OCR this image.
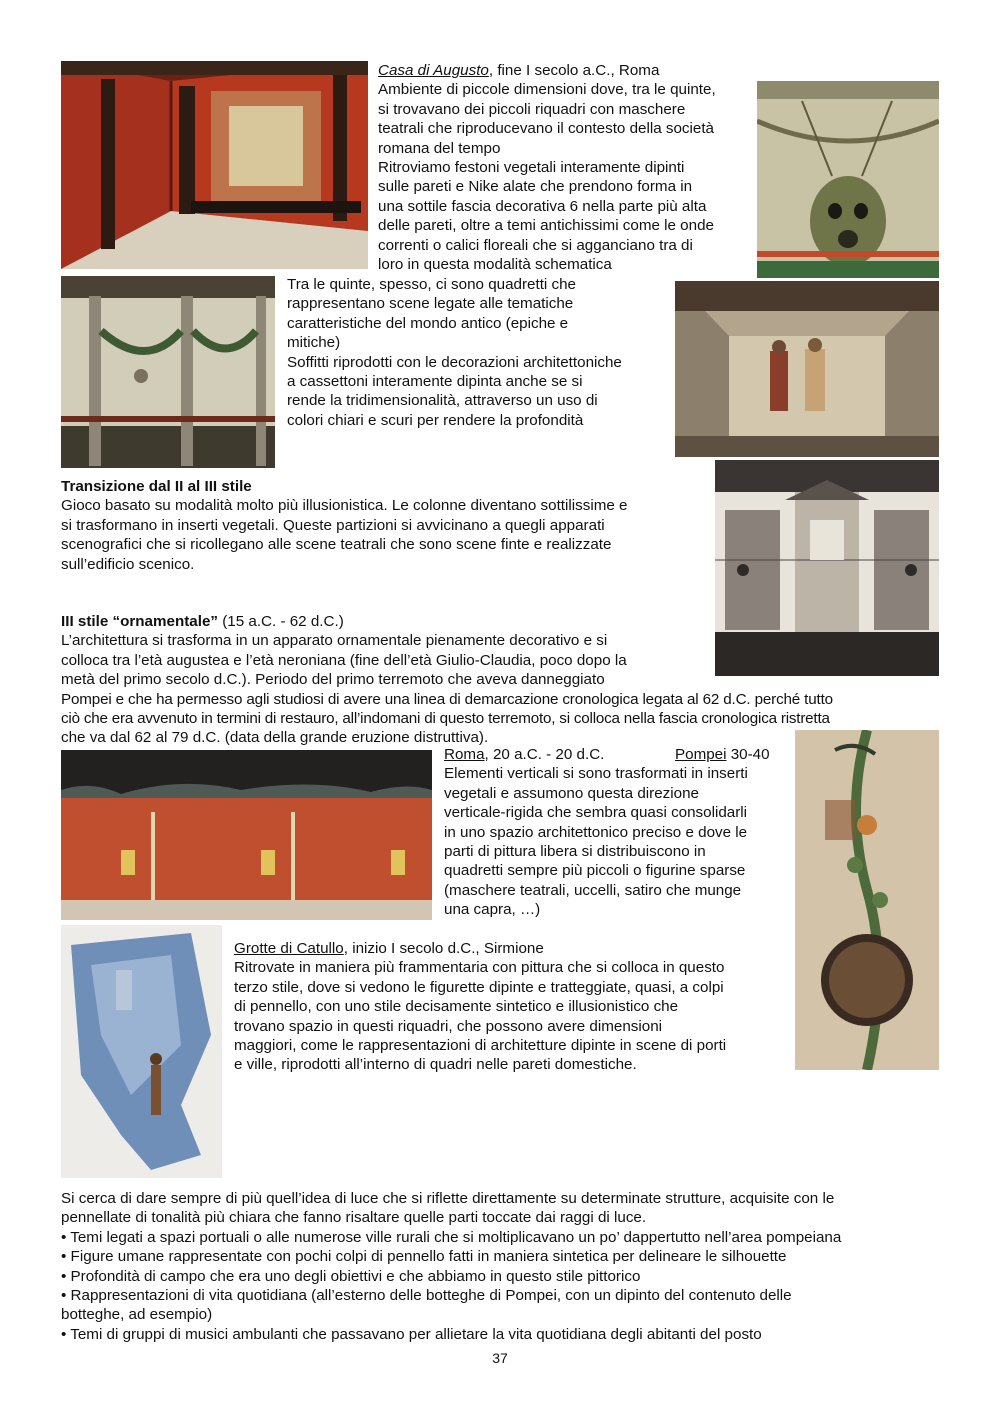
Casa di Augusto, fine I secolo a.C., Roma

Ambiente di piccole dimensioni dove, tra le quinte,

si trovavano dei piccoli riquadri con maschere

teatrali che riproducevano il contesto della società

romana del tempo

Ritroviamo festoni vegetali interamente dipinti

sulle pareti e Nike alate che prendono forma in

una sottile fascia decorativa 6 nella parte più alta

delle pareti, oltre a temi antichissimi come le onde

correnti o calici floreali che si agganciano tra di

loro in questa modalità schematica

Tra le quinte, spesso, ci sono quadretti che

rappresentano scene legate alle tematiche

caratteristiche del mondo antico (epiche e

mitiche)

Soffitti riprodotti con le decorazioni architettoniche

a cassettoni interamente dipinta anche se si

rende la tridimensionalità, attraverso un uso di

colori chiari e scuri per rendere la profondità

Transizione dal II al III stile

Gioco basato su modalità molto più illusionistica. Le colonne diventano sottilissime e

si trasformano in inserti vegetali. Queste partizioni si avvicinano a quegli apparati

scenografici che si ricollegano alle scene teatrali che sono scene finte e realizzate

sull’edificio scenico.

III stile “ornamentale” (15 a.C. - 62 d.C.)

L’architettura si trasforma in un apparato ornamentale pienamente decorativo e si

colloca tra l’età augustea e l’età neroniana (fine dell’età Giulio-Claudia, poco dopo la

metà del primo secolo d.C.). Periodo del primo terremoto che aveva danneggiato

Pompei e che ha permesso agli studiosi di avere una linea di demarcazione cronologica legata al 62 d.C. perché tutto

ciò che era avvenuto in termini di restauro, all’indomani di questo terremoto, si colloca nella fascia cronologica ristretta

che va dal 62 al 79 d.C. (data della grande eruzione distruttiva).

Roma, 20 a.C. - 20 d.C.	Pompei 30-40

Elementi verticali si sono trasformati in inserti

vegetali e assumono questa direzione

verticale-rigida che sembra quasi consolidarli

in uno spazio architettonico preciso e dove le

parti di pittura libera si distribuiscono in

quadretti sempre più piccoli o figurine sparse

(maschere teatrali, uccelli, satiro che munge

una capra, …)

Grotte di Catullo, inizio I secolo d.C., Sirmione

Ritrovate in maniera più frammentaria con pittura che si colloca in questo

terzo stile, dove si vedono le figurette dipinte e tratteggiate, quasi, a colpi

di pennello, con uno stile decisamente sintetico e illusionistico che

trovano spazio in questi riquadri, che possono avere dimensioni

maggiori, come le rappresentazioni di architetture dipinte in scene di porti

e ville, riprodotti all’interno di quadri nelle pareti domestiche.

Si cerca di dare sempre di più quell’idea di luce che si riflette direttamente su determinate strutture, acquisite con le

pennellate di tonalità più chiara che fanno risaltare quelle parti toccate dai raggi di luce.

• Temi legati a spazi portuali o alle numerose ville rurali che si moltiplicavano un po’ dappertutto nell’area pompeiana

• Figure umane rappresentate con pochi colpi di pennello fatti in maniera sintetica per delineare le silhouette

• Profondità di campo che era uno degli obiettivi e che abbiamo in questo stile pittorico

• Rappresentazioni di vita quotidiana (all’esterno delle botteghe di Pompei, con un dipinto del contenuto delle

botteghe, ad esempio)

• Temi di gruppi di musici ambulanti che passavano per allietare la vita quotidiana degli abitanti del posto

37
